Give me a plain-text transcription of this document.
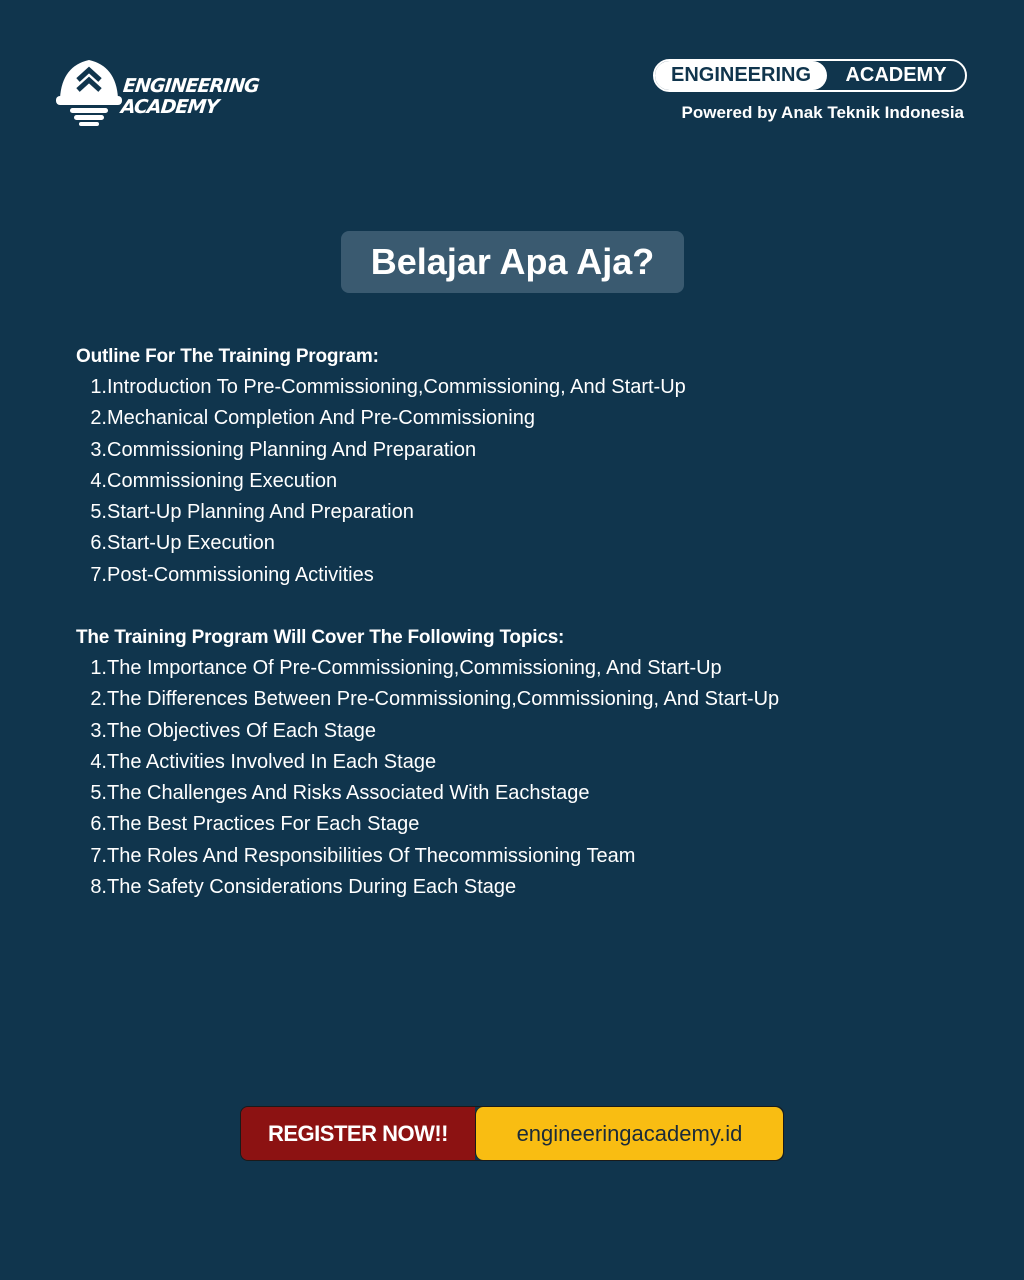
ENGINEERING
ACADEMY
ENGINEERING	ACADEMY
Powered by Anak Teknik Indonesia
Belajar Apa Aja?
Outline For The Training Program:
1. Introduction To Pre-Commissioning,Commissioning, And Start-Up
2. Mechanical Completion And Pre-Commissioning
3. Commissioning Planning And Preparation
4. Commissioning Execution
5. Start-Up Planning And Preparation
6. Start-Up Execution
7. Post-Commissioning Activities
The Training Program Will Cover The Following Topics:
1. The Importance Of Pre-Commissioning,Commissioning, And Start-Up
2. The Differences Between Pre-Commissioning,Commissioning, And Start-Up
3. The Objectives Of Each Stage
4. The Activities Involved In Each Stage
5. The Challenges And Risks Associated With Eachstage
6. The Best Practices For Each Stage
7. The Roles And Responsibilities Of Thecommissioning Team
8. The Safety Considerations During Each Stage
REGISTER NOW!!	engineeringacademy.id
